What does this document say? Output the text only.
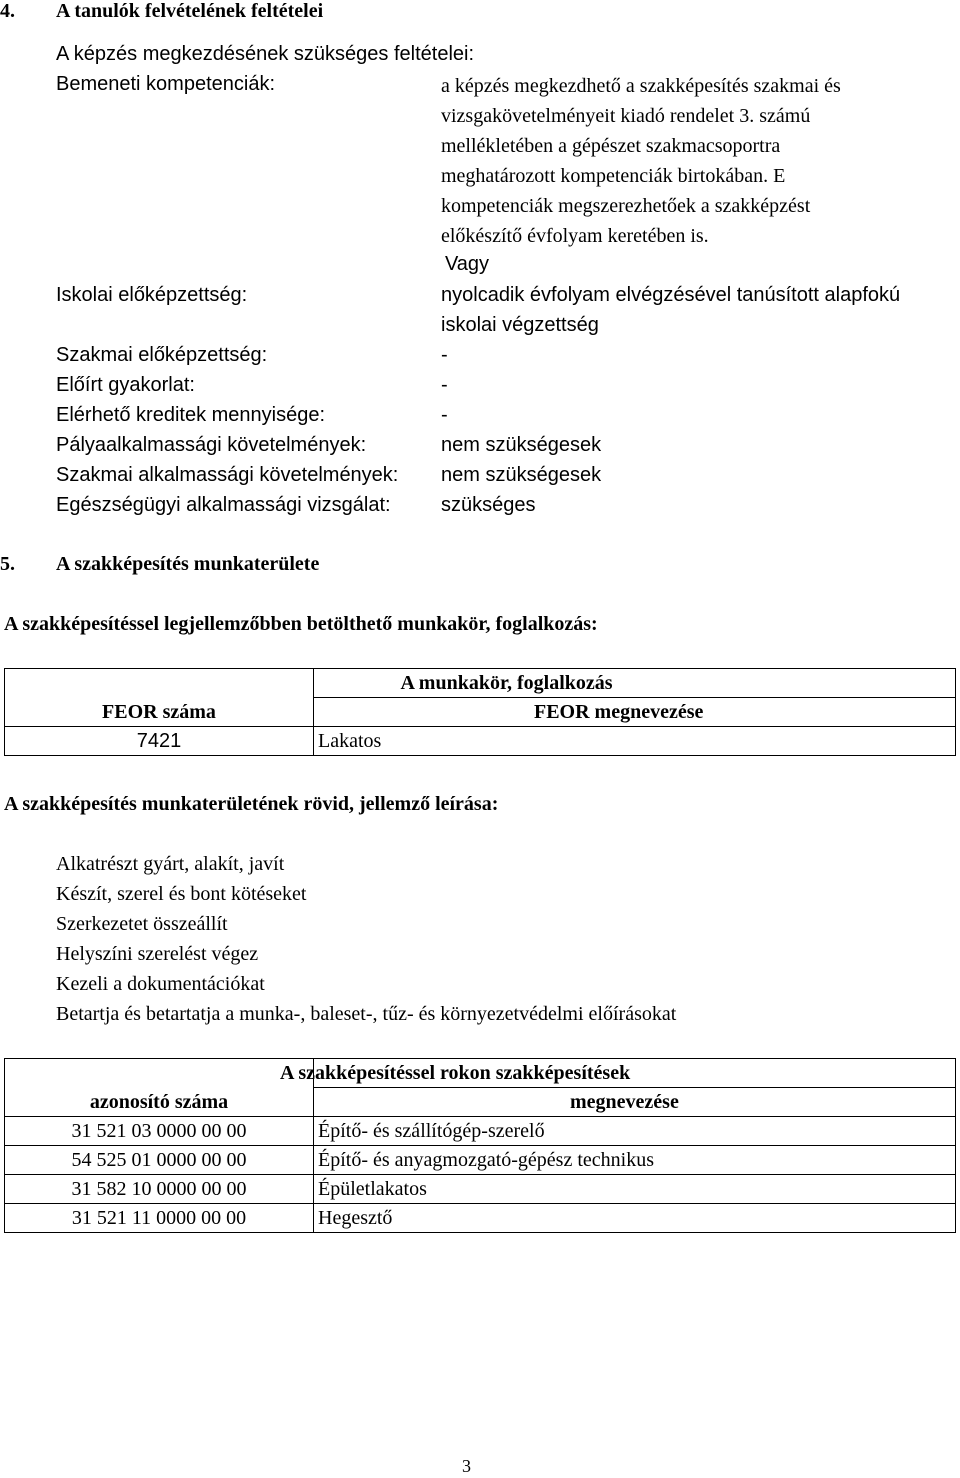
4. A tanulók felvételének feltételei
A képzés megkezdésének szükséges feltételei:
Bemeneti kompetenciák:	a képzés megkezdhető a szakképesítés szakmai és
vizsgakövetelményeit kiadó rendelet 3. számú
mellékletében a gépészet szakmacsoportra
meghatározott kompetenciák birtokában. E
kompetenciák megszerezhetőek a szakképzést
előkészítő évfolyam keretében is.
Vagy
Iskolai előképzettség:	nyolcadik évfolyam elvégzésével tanúsított alapfokú
iskolai végzettség
Szakmai előképzettség:	-
Előírt gyakorlat:	-
Elérhető kreditek mennyisége:	-
Pályaalkalmassági követelmények:	nem szükségesek
Szakmai alkalmassági követelmények: nem szükségesek
Egészségügyi alkalmassági vizsgálat:	szükséges
5. A szakképesítés munkaterülete
A szakképesítéssel legjellemzőbben betölthető munkakör, foglalkozás:
	A munkakör, foglalkozás
FEOR száma	FEOR megnevezése
7421	Lakatos
A szakképesítés munkaterületének rövid, jellemző leírása:
Alkatrészt gyárt, alakít, javít
Készít, szerel és bont kötéseket
Szerkezetet összeállít
Helyszíni szerelést végez
Kezeli a dokumentációkat
Betartja és betartatja a munka-, baleset-, tűz- és környezetvédelmi előírásokat
	A szakképesítéssel rokon szakképesítések
azonosító száma	megnevezése
31 521 03 0000 00 00	Építő- és szállítógép-szerelő
54 525 01 0000 00 00	Építő- és anyagmozgató-gépész technikus
31 582 10 0000 00 00	Épületlakatos
31 521 11 0000 00 00	Hegesztő
3
